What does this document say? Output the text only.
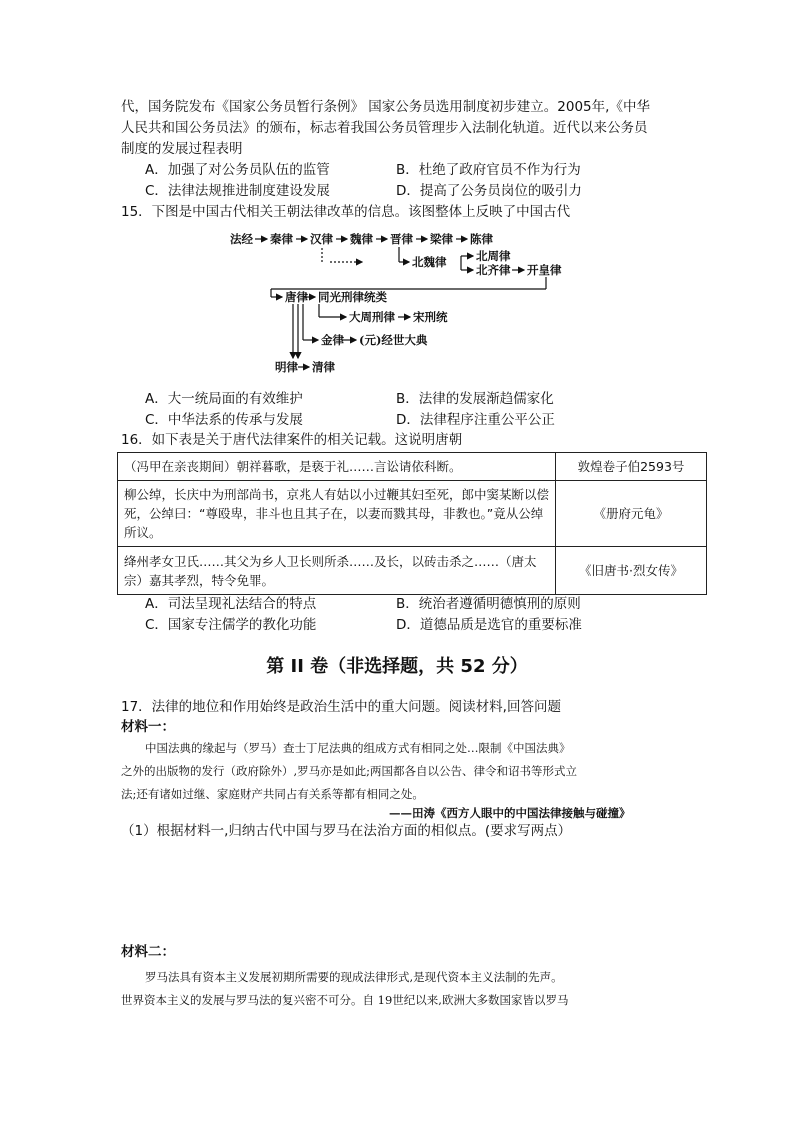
代，国务院发布《国家公务员暂行条例》 国家公务员选用制度初步建立。2005年,《中华
人民共和国公务员法》的颁布，标志着我国公务员管理步入法制化轨道。近代以来公务员
制度的发展过程表明
A．加强了对公务员队伍的监管	B．杜绝了政府官员不作为行为
C．法律法规推进制度建设发展	D．提高了公务员岗位的吸引力
15．下图是中国古代相关王朝法律改革的信息。该图整体上反映了中国古代
法经 秦律 汉律 魏律 晋律 梁律 陈律
北魏律	北周律
北齐律 开皇律
唐律 同光刑律统类
大周刑律 宋刑统
金律 (元)经世大典
明律 清律
A．大一统局面的有效维护	B．法律的发展渐趋儒家化
C．中华法系的传承与发展	D．法律程序注重公平公正
16．如下表是关于唐代法律案件的相关记载。这说明唐朝
（冯甲在亲丧期间）朝祥暮歌，是亵于礼……言讼请依科断。	敦煌卷子伯2593号
柳公绰，长庆中为刑部尚书，京兆人有姑以小过鞭其妇至死，郎中窦某断以偿死，公绰曰：“尊殴卑，非斗也且其子在，以妻而戮其母，非教也。”竟从公绰所议。	《册府元龟》
绛州孝女卫氏……其父为乡人卫长则所杀……及长，以砖击杀之……（唐太宗）嘉其孝烈，特令免罪。	《旧唐书·烈女传》
A．司法呈现礼法结合的特点	B．统治者遵循明德慎刑的原则
C．国家专注儒学的教化功能	D．道德品质是选官的重要标准
第 II 卷（非选择题，共 52 分）
17．法律的地位和作用始终是政治生活中的重大问题。阅读材料,回答问题
材料一：
中国法典的缘起与（罗马）查士丁尼法典的组成方式有相同之处…限制《中国法典》
之外的出版物的发行（政府除外）,罗马亦是如此;两国都各自以公告、律令和诏书等形式立
法;还有诸如过继、家庭财产共同占有关系等都有相同之处。
——田涛《西方人眼中的中国法律接触与碰撞》
（1）根据材料一,归纳古代中国与罗马在法治方面的相似点。(要求写两点）
材料二：
罗马法具有资本主义发展初期所需要的现成法律形式,是现代资本主义法制的先声。
世界资本主义的发展与罗马法的复兴密不可分。自 19世纪以来,欧洲大多数国家皆以罗马
